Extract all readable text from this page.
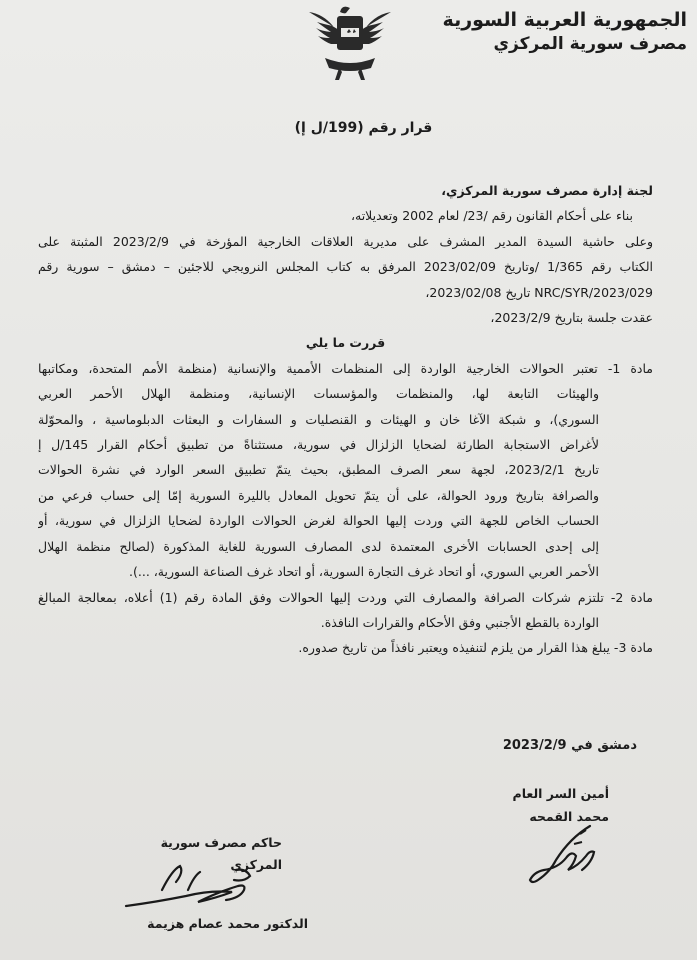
الجمهورية العربية السورية
مصرف سورية المركزي
قرار رقم (199/ل إ)
لجنة إدارة مصرف سورية المركزي،
بناء على أحكام القانون رقم /23/ لعام 2002 وتعديلاته،
وعلى حاشية السيدة المدير المشرف على مديرية العلاقات الخارجية المؤرخة في 2023/2/9 المثبتة على
الكتاب رقم 1/365 /وتاريخ 2023/02/09 المرفق به كتاب المجلس النرويجي للاجئين – دمشق – سورية رقم
NRC/SYR/2023/029 تاريخ 2023/02/08،
عقدت جلسة بتاريخ 2023/2/9،
قررت ما يلي
مادة 1- تعتبر الحوالات الخارجية الواردة إلى المنظمات الأممية والإنسانية (منظمة الأمم المتحدة، ومكاتبها
والهيئات التابعة لها، والمنظمات والمؤسسات الإنسانية، ومنظمة الهلال الأحمر العربي
السوري)، و شبكة الآغا خان و الهيئات و القنصليات و السفارات و البعثات الدبلوماسية ، والمحوّلة
لأغراض الاستجابة الطارئة لضحايا الزلزال في سورية، مستثناةً من تطبيق أحكام القرار 145/ل إ
تاريخ 2023/2/1، لجهة سعر الصرف المطبق، بحيث يتمّ تطبيق السعر الوارد في نشرة الحوالات
والصرافة بتاريخ ورود الحوالة، على أن يتمّ تحويل المعادل بالليرة السورية إمّا إلى حساب فرعي من
الحساب الخاص للجهة التي وردت إليها الحوالة لغرض الحوالات الواردة لضحايا الزلزال في سورية، أو
إلى إحدى الحسابات الأخرى المعتمدة لدى المصارف السورية للغاية المذكورة (لصالح منظمة الهلال
الأحمر العربي السوري، أو اتحاد غرف التجارة السورية، أو اتحاد غرف الصناعة السورية، ...).
مادة 2- تلتزم شركات الصرافة والمصارف التي وردت إليها الحوالات وفق المادة رقم (1) أعلاه، بمعالجة المبالغ
الواردة بالقطع الأجنبي وفق الأحكام والقرارات النافذة.
مادة 3- يبلغ هذا القرار من يلزم لتنفيذه ويعتبر نافذاً من تاريخ صدوره.
دمشق في 2023/2/9
أمين السر العام
محمد القمحه
حاكم مصرف سورية المركزي
الدكتور محمد عصام هزيمة
